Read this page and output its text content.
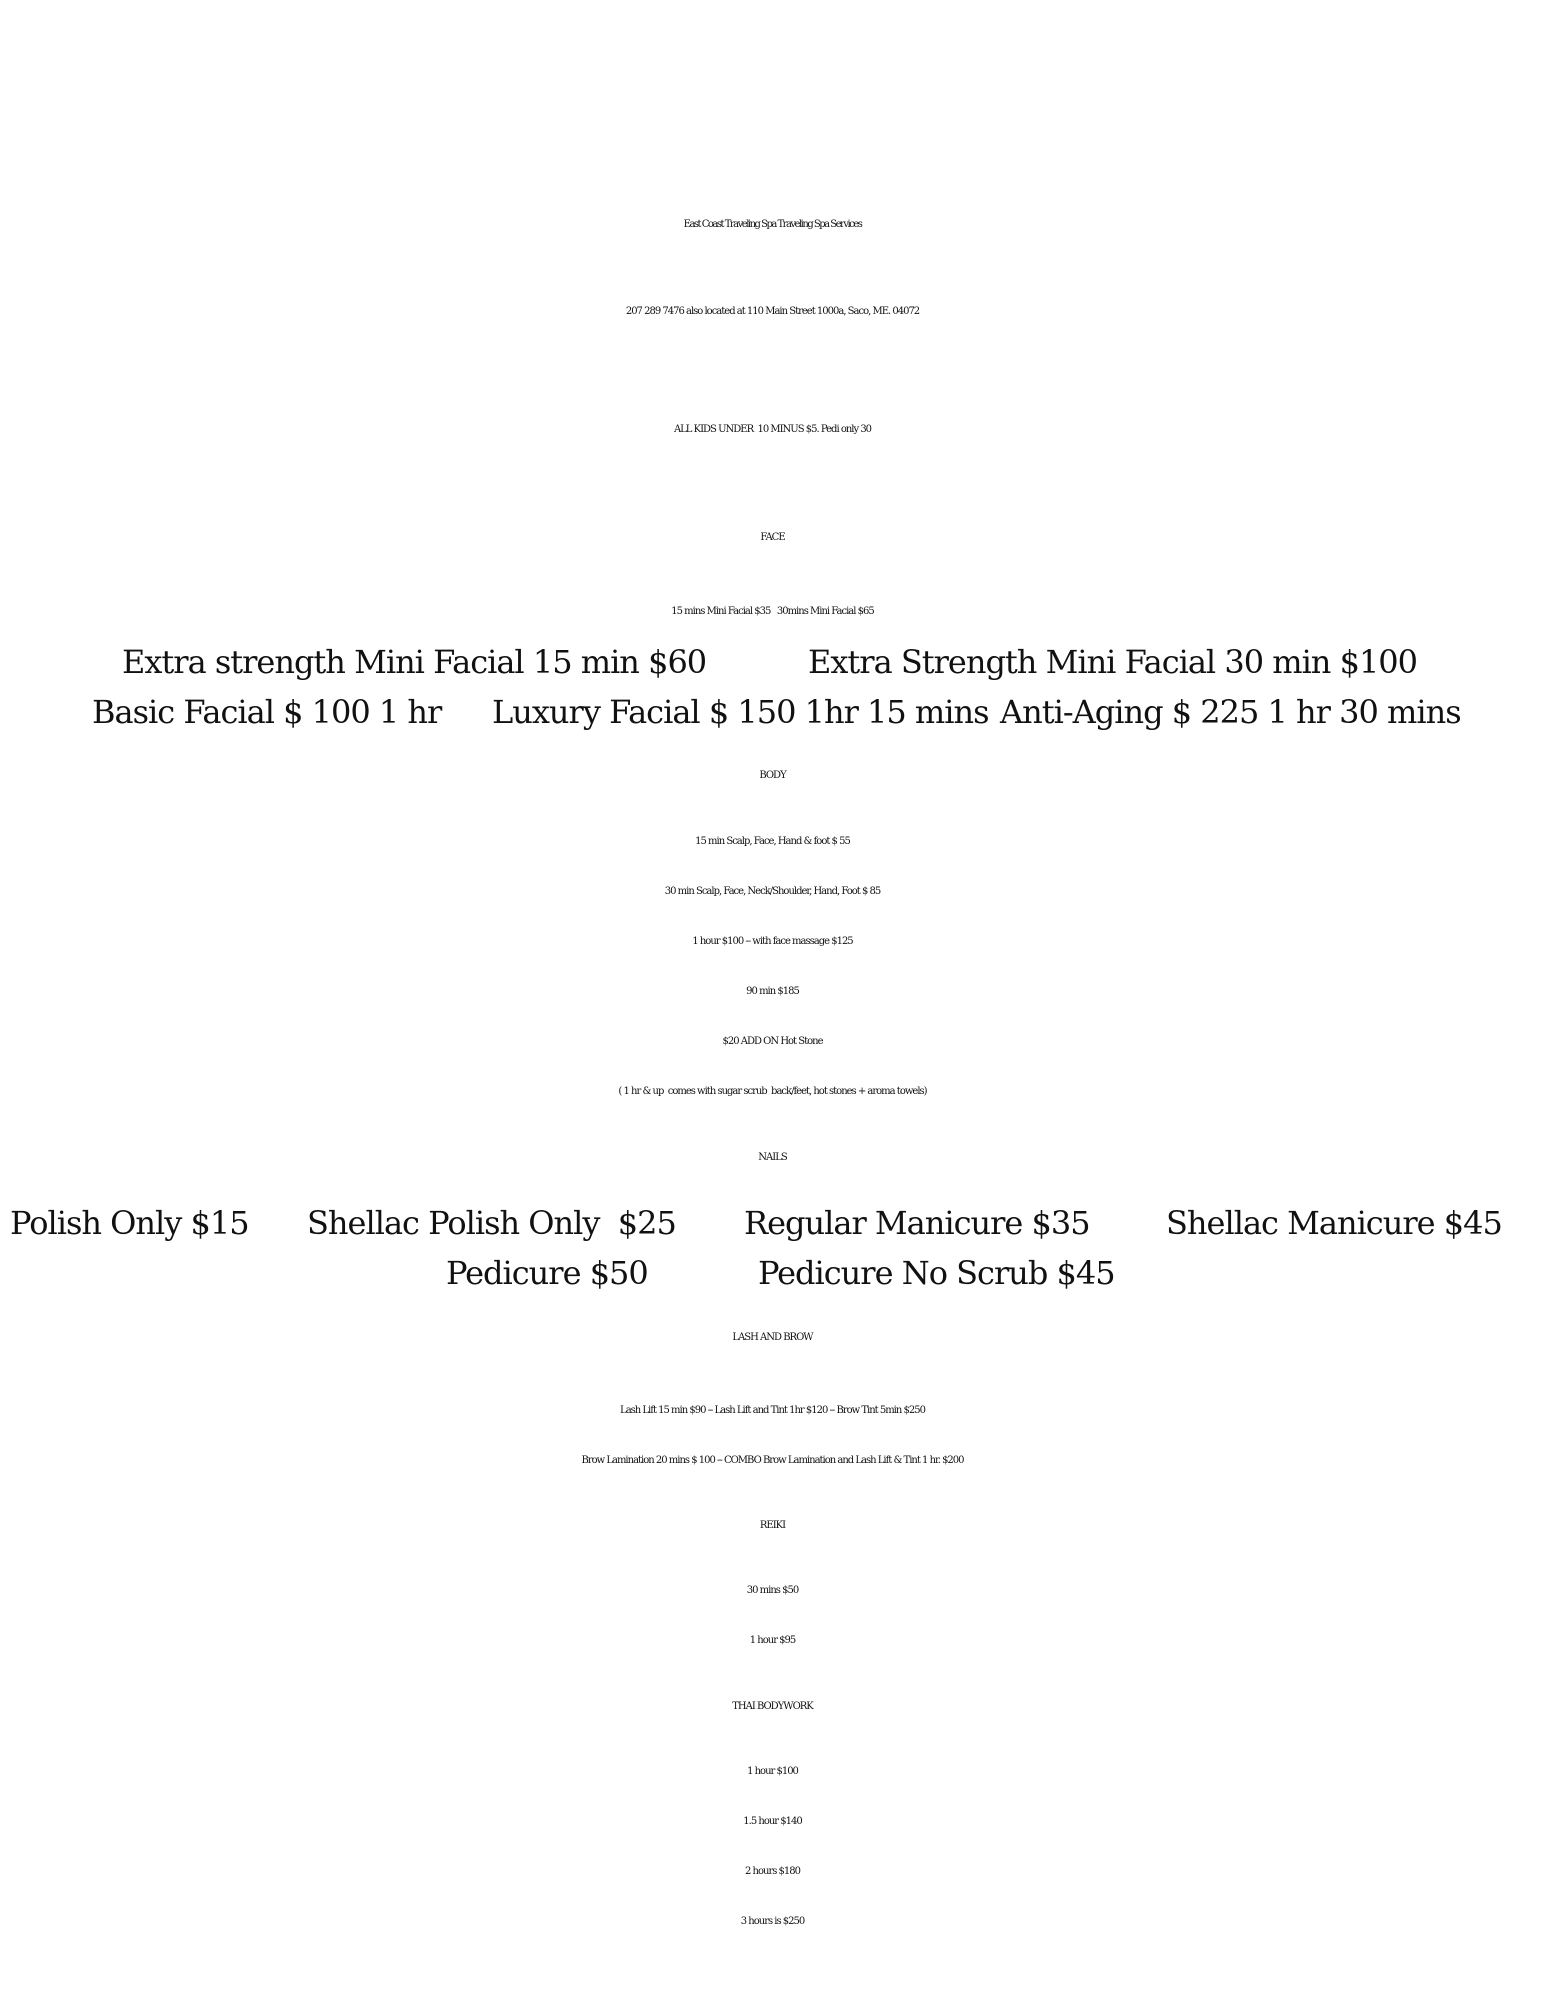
East Coast Traveling Spa Traveling Spa Services
207 289 7476 also located at 110 Main Street 1000a, Saco, ME. 04072
ALL KIDS UNDER  10 MINUS $5. Pedi only 30
FACE
15 mins Mini Facial $35   30mins Mini Facial $65
Extra strength Mini Facial 15 min $60	Extra Strength Mini Facial 30 min $100
Basic Facial $ 100 1 hr Luxury Facial $ 150 1hr 15 mins Anti-Aging $ 225 1 hr 30 mins
BODY
15 min Scalp, Face, Hand & foot $ 55
30 min Scalp, Face, Neck/Shoulder, Hand, Foot $ 85
1 hour $100 -- with face massage $125
90 min $185
$20 ADD ON Hot Stone
( 1 hr & up  comes with sugar scrub  back/feet, hot stones + aroma towels)
NAILS
Polish Only $15 Shellac Polish Only  $25 Regular Manicure $35 Shellac Manicure $45
Pedicure $50	Pedicure No Scrub $45
LASH AND BROW
Lash Lift 15 min $90 -- Lash Lift and Tint 1hr $120 -- Brow Tint 5min $250
Brow Lamination 20 mins $ 100 -- COMBO Brow Lamination and Lash Lift & Tint 1 hr. $200
REIKI
30 mins $50
1 hour $95
THAI BODYWORK
1 hour $100
1.5 hour $140
2 hours $180
3 hours is $250
